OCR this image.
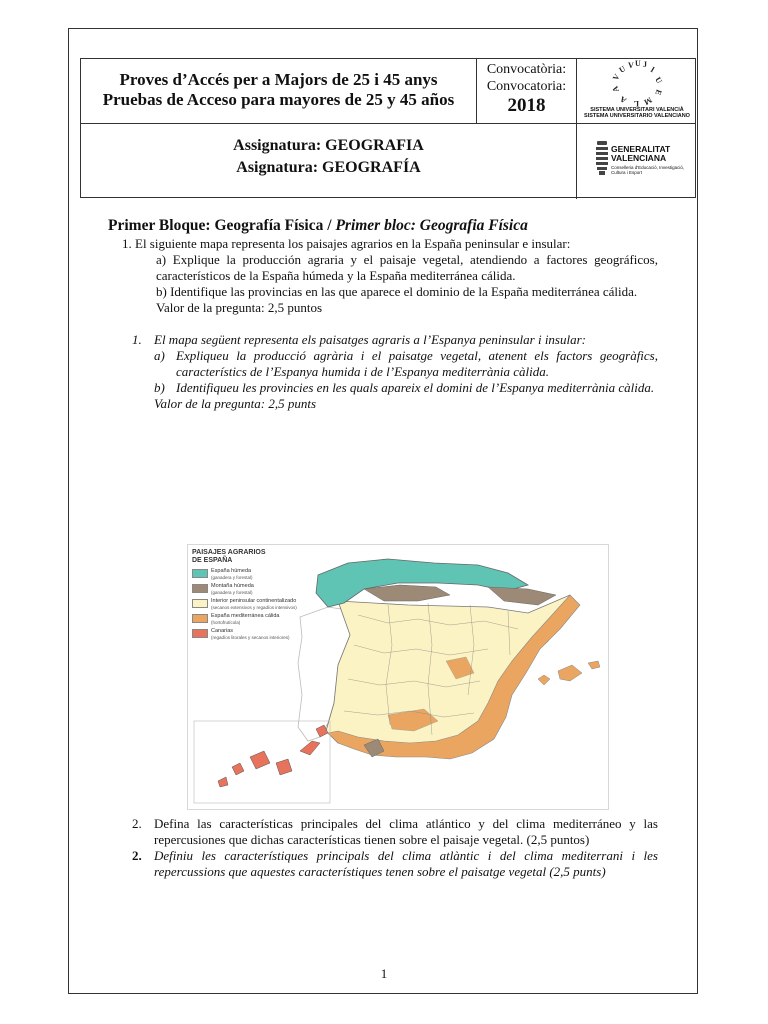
Proves d’Accés per a Majors de 25 i 45 anys
Pruebas de Acceso para mayores de 25 y 45 años
Convocatòria:
Convocatoria:
2018
U V U J
I
U
V
A
A L M
E
SISTEMA UNIVERSITARI VALENCIÀ
SISTEMA UNIVERSITARIO VALENCIANO
Assignatura: GEOGRAFIA
Asignatura: GEOGRAFÍA
GENERALITAT
VALENCIANA
Conselleria d'Educació, Investigació, Cultura i Esport
Primer Bloque: Geografía Física / Primer bloc: Geografia Física

1. El siguiente mapa representa los paisajes agrarios en la España peninsular e insular:

a) Explique la producción agraria y el paisaje vegetal, atendiendo a factores geográficos, característicos de la España húmeda y la España mediterránea cálida.

b) Identifique las provincias en las que aparece el dominio de la España mediterránea cálida.

Valor de la pregunta: 2,5 puntos

1. El mapa següent representa els paisatges agraris a l’Espanya peninsular i insular:
a) Expliqueu la producció agrària i el paisatge vegetal, atenent els factors geogràfics, característics de l’Espanya humida i de l’Espanya mediterrània càlida.
b) Identifiqueu les provincies en les quals apareix el domini de l’Espanya mediterrània càlida.
Valor de la pregunta: 2,5 punts
PAISAJES AGRARIOS
DE ESPAÑA
España húmeda
(ganadera y forestal)
Montaña húmeda
(ganadera y forestal)
Interior peninsular continentalizado
(secanos extensivos y regadíos intensivos)
España mediterránea cálida
(hortofrutícola)
Canarias
(regadíos litorales y secanos interiores)
2. Defina las características principales del clima atlántico y del clima mediterráneo y las repercusiones que dichas características tienen sobre el paisaje vegetal. (2,5 puntos)
2. Definiu les característiques principals del clima atlàntic i del clima mediterrani i les repercussions que aquestes característiques tenen sobre el paisatge vegetal (2,5 punts)
1
